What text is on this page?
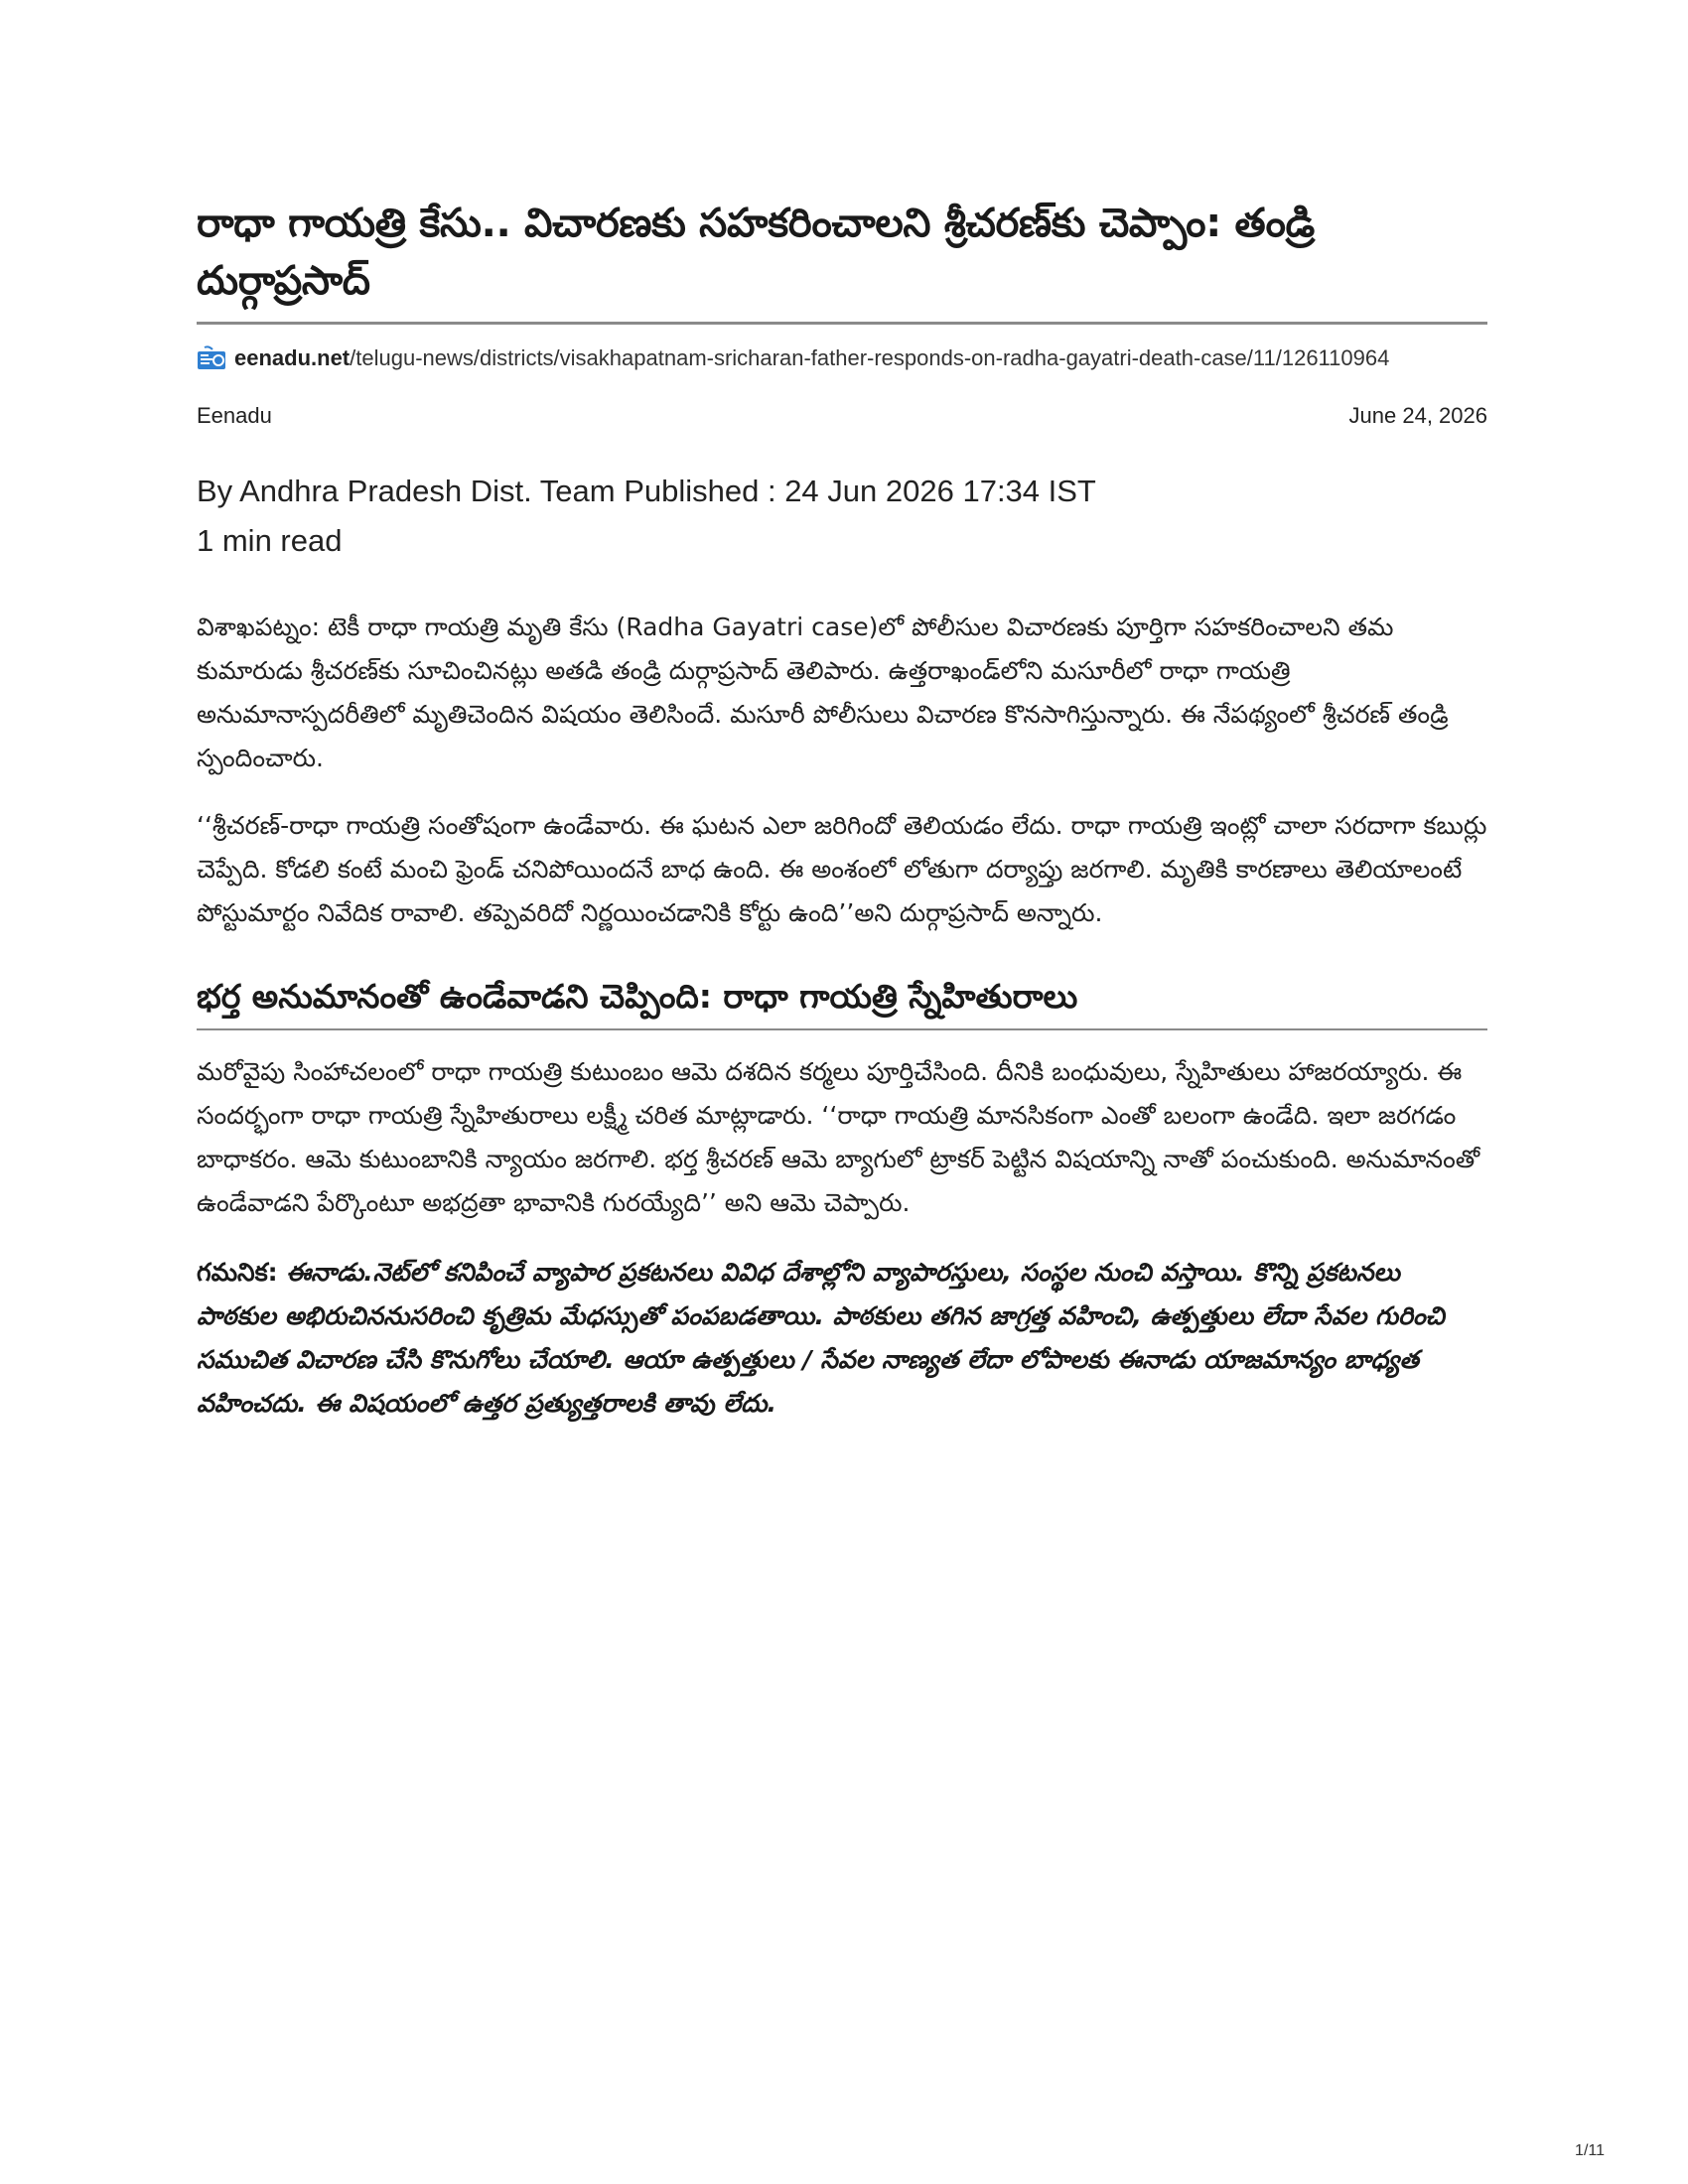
రాధా గాయత్రి కేసు.. విచారణకు సహకరించాలని శ్రీచరణ్‌కు చెప్పాం: తండ్రి దుర్గాప్రసాద్
eenadu.net/telugu-news/districts/visakhapatnam-sricharan-father-responds-on-radha-gayatri-death-case/11/126110964
Eenadu	June 24, 2026
By Andhra Pradesh Dist. Team Published : 24 Jun 2026 17:34 IST
1 min read

విశాఖపట్నం: టెకీ రాధా గాయత్రి మృతి కేసు (Radha Gayatri case)లో పోలీసుల విచారణకు పూర్తిగా సహకరించాలని తమ కుమారుడు శ్రీచరణ్‌కు సూచించినట్లు అతడి తండ్రి దుర్గాప్రసాద్ తెలిపారు. ఉత్తరాఖండ్‌లోని మసూరీలో రాధా గాయత్రి అనుమానాస్పదరీతిలో మృతిచెందిన విషయం తెలిసిందే. మసూరీ పోలీసులు విచారణ కొనసాగిస్తున్నారు. ఈ నేపథ్యంలో శ్రీచరణ్ తండ్రి స్పందించారు.

‘‘శ్రీచరణ్-రాధా గాయత్రి సంతోషంగా ఉండేవారు. ఈ ఘటన ఎలా జరిగిందో తెలియడం లేదు. రాధా గాయత్రి ఇంట్లో చాలా సరదాగా కబుర్లు చెప్పేది. కోడలి కంటే మంచి ఫ్రెండ్ చనిపోయిందనే బాధ ఉంది. ఈ అంశంలో లోతుగా దర్యాప్తు జరగాలి. మృతికి కారణాలు తెలియాలంటే పోస్టుమార్టం నివేదిక రావాలి. తప్పెవరిదో నిర్ణయించడానికి కోర్టు ఉంది’’అని దుర్గాప్రసాద్ అన్నారు.

భర్త అనుమానంతో ఉండేవాడని చెప్పింది: రాధా గాయత్రి స్నేహితురాలు

మరోవైపు సింహాచలంలో రాధా గాయత్రి కుటుంబం ఆమె దశదిన కర్మలు పూర్తిచేసింది. దీనికి బంధువులు, స్నేహితులు హాజరయ్యారు. ఈ సందర్భంగా రాధా గాయత్రి స్నేహితురాలు లక్ష్మీ చరిత మాట్లాడారు. ‘‘రాధా గాయత్రి మానసికంగా ఎంతో బలంగా ఉండేది. ఇలా జరగడం బాధాకరం. ఆమె కుటుంబానికి న్యాయం జరగాలి. భర్త శ్రీచరణ్ ఆమె బ్యాగులో ట్రాకర్ పెట్టిన విషయాన్ని నాతో పంచుకుంది. అనుమానంతో ఉండేవాడని పేర్కొంటూ అభద్రతా భావానికి గురయ్యేది’’ అని ఆమె చెప్పారు.

గమనిక: ఈనాడు.నెట్‌లో కనిపించే వ్యాపార ప్రకటనలు వివిధ దేశాల్లోని వ్యాపారస్తులు, సంస్థల నుంచి వస్తాయి. కొన్ని ప్రకటనలు పాఠకుల అభిరుచిననుసరించి కృత్రిమ మేధస్సుతో పంపబడతాయి. పాఠకులు తగిన జాగ్రత్త వహించి, ఉత్పత్తులు లేదా సేవల గురించి సముచిత విచారణ చేసి కొనుగోలు చేయాలి. ఆయా ఉత్పత్తులు / సేవల నాణ్యత లేదా లోపాలకు ఈనాడు యాజమాన్యం బాధ్యత వహించదు. ఈ విషయంలో ఉత్తర ప్రత్యుత్తరాలకి తావు లేదు.
1/11
